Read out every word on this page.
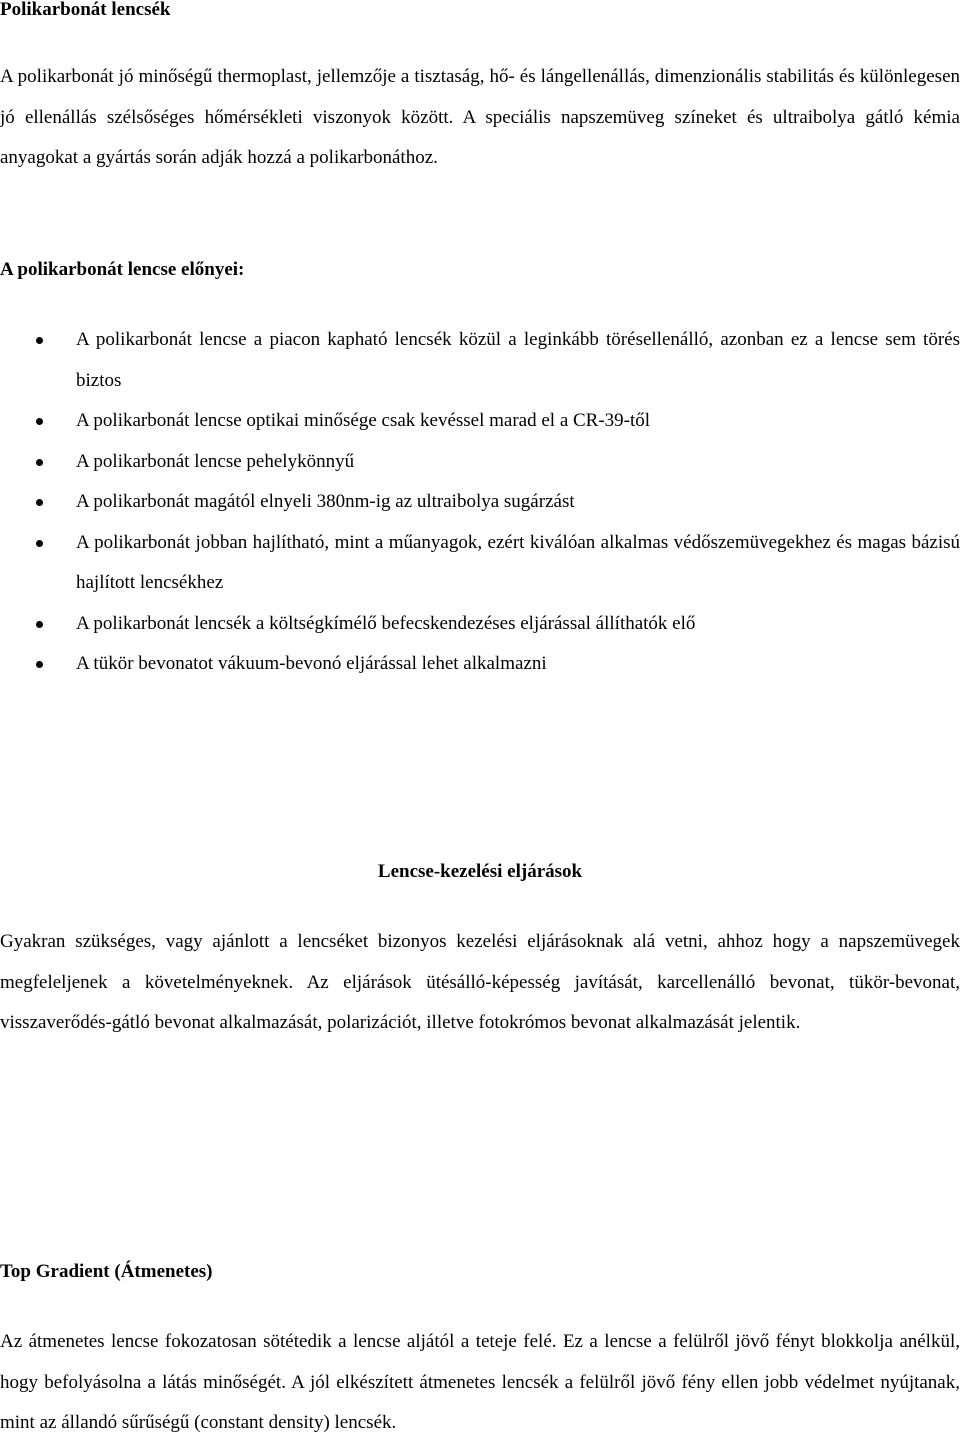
Polikarbonát lencsék

A polikarbonát jó minőségű thermoplast, jellemzője a tisztaság, hő- és lángellenállás, dimenzionális stabilitás és különlegesen jó ellenállás szélsőséges hőmérsékleti viszonyok között. A speciális napszemüveg színeket és ultraibolya gátló kémia anyagokat a gyártás során adják hozzá a polikarbonáthoz.

A polikarbonát lencse előnyei:
A polikarbonát lencse a piacon kapható lencsék közül a leginkább törésellenálló, azonban ez a lencse sem törés biztos
A polikarbonát lencse optikai minősége csak kevéssel marad el a CR-39-től
A polikarbonát lencse pehelykönnyű
A polikarbonát magától elnyeli 380nm-ig az ultraibolya sugárzást
A polikarbonát jobban hajlítható, mint a műanyagok, ezért kiválóan alkalmas védőszemüvegekhez és magas bázisú hajlított lencsékhez
A polikarbonát lencsék a költségkímélő befecskendezéses eljárással állíthatók elő
A tükör bevonatot vákuum-bevonó eljárással lehet alkalmazni
Lencse-kezelési eljárások

Gyakran szükséges, vagy ajánlott a lencséket bizonyos kezelési eljárásoknak alá vetni, ahhoz hogy a napszemüvegek megfeleljenek a követelményeknek. Az eljárások ütésálló-képesség javítását, karcellenálló bevonat, tükör-bevonat, visszaverődés-gátló bevonat alkalmazását, polarizációt, illetve fotokrómos bevonat alkalmazását jelentik.

Top Gradient (Átmenetes)

Az átmenetes lencse fokozatosan sötétedik a lencse aljától a teteje felé. Ez a lencse a felülről jövő fényt blokkolja anélkül, hogy befolyásolna a látás minőségét. A jól elkészített átmenetes lencsék a felülről jövő fény ellen jobb védelmet nyújtanak, mint az állandó sűrűségű (constant density) lencsék.
